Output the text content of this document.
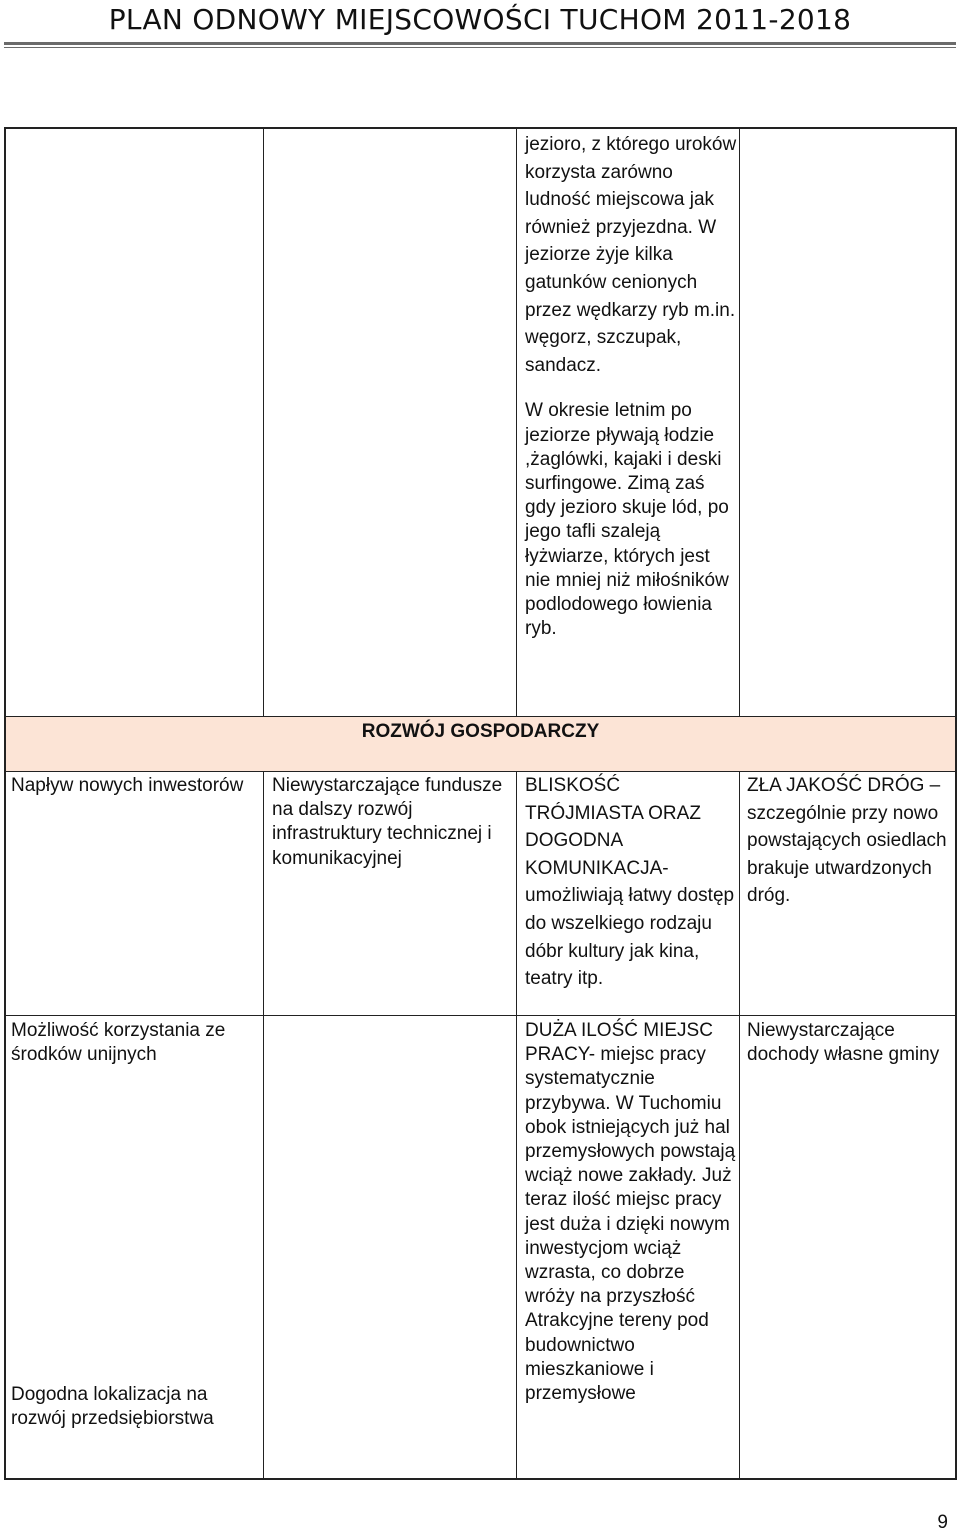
PLAN ODNOWY MIEJSCOWOŚCI TUCHOM 2011-2018

jezioro, z którego uroków korzysta zarówno ludność miejscowa jak również przyjezdna. W jeziorze żyje kilka gatunków cenionych przez wędkarzy ryb m.in. węgorz, szczupak, sandacz.

W okresie letnim po jeziorze pływają łodzie ,żaglówki, kajaki i deski surfingowe. Zimą zaś gdy jezioro skuje lód, po jego tafli szaleją łyżwiarze, których jest nie mniej niż miłośników podlodowego łowienia ryb.

ROZWÓJ GOSPODARCZY

Napływ nowych inwestorów	Niewystarczające fundusze na dalszy rozwój infrastruktury technicznej i komunikacyjnej

BLISKOŚĆ TRÓJMIASTA ORAZ DOGODNA KOMUNIKACJA- umożliwiają łatwy dostęp do wszelkiego rodzaju dóbr kultury jak kina, teatry itp.

ZŁA JAKOŚĆ DRÓG – szczególnie przy nowo powstających osiedlach brakuje utwardzonych dróg.

Możliwość korzystania ze środków unijnych

Dogodna lokalizacja na rozwój przedsiębiorstwa

DUŻA ILOŚĆ MIEJSC PRACY- miejsc pracy systematycznie przybywa. W Tuchomiu obok istniejących już hal przemysłowych powstają wciąż nowe zakłady. Już teraz ilość miejsc pracy jest duża i dzięki nowym inwestycjom wciąż wzrasta, co dobrze wróży na przyszłość

Atrakcyjne tereny pod budownictwo mieszkaniowe i przemysłowe

Niewystarczające dochody własne gminy

9
